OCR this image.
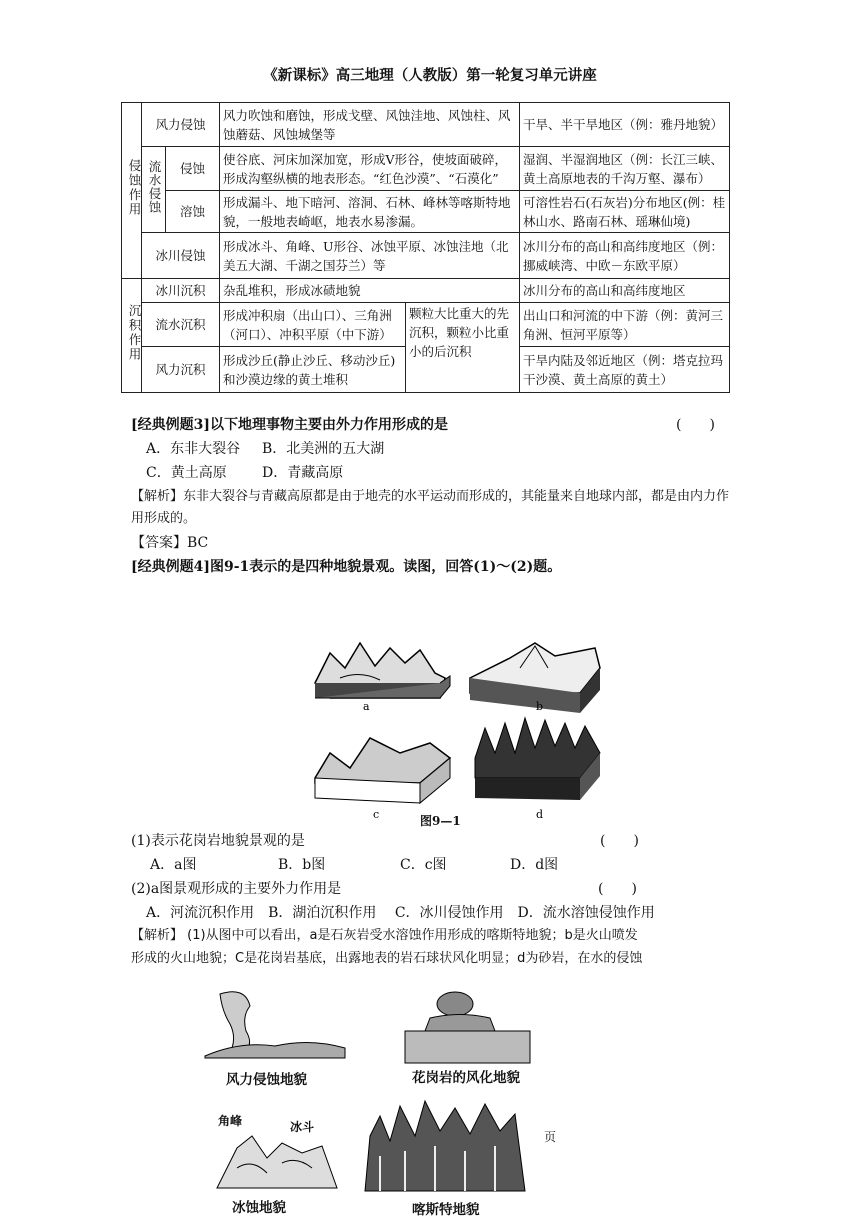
《新课标》高三地理（人教版）第一轮复习单元讲座
侵蚀作用	风力侵蚀		风力吹蚀和磨蚀，形成戈壁、风蚀洼地、风蚀柱、风蚀蘑菇、风蚀城堡等		干旱、半干旱地区（例：雅丹地貌）
	流水侵蚀	侵蚀	使谷底、河床加深加宽，形成V形谷，使坡面破碎，形成沟壑纵横的地表形态。“红色沙漠”、“石漠化”		湿润、半湿润地区（例：长江三峡、黄土高原地表的千沟万壑、瀑布）
		溶蚀	形成漏斗、地下暗河、溶洞、石林、峰林等喀斯特地貌，一般地表崎岖，地表水易渗漏。		可溶性岩石(石灰岩)分布地区(例：桂林山水、路南石林、瑶琳仙境)
	冰川侵蚀		形成冰斗、角峰、U形谷、冰蚀平原、冰蚀洼地（北美五大湖、千湖之国芬兰）等		冰川分布的高山和高纬度地区（例：挪威峡湾、中欧－东欧平原）

沉积作用	冰川沉积		杂乱堆积，形成冰碛地貌		冰川分布的高山和高纬度地区
	流水沉积		形成冲积扇（出山口）、三角洲（河口）、冲积平原（中下游）	颗粒大比重大的先沉积，颗粒小比重小的后沉积	出山口和河流的中下游（例：黄河三角洲、恒河平原等）
	风力沉积		形成沙丘(静止沙丘、移动沙丘)和沙漠边缘的黄土堆积		干旱内陆及邻近地区（例：塔克拉玛干沙漠、黄土高原的黄土）
[经典例题3]以下地理事物主要由外力作用形成的是	(　　)
A．东非大裂谷 B．北美洲的五大湖
C．黄土高原	D．青藏高原
【解析】东非大裂谷与青藏高原都是由于地壳的水平运动而形成的，其能量来自地球内部，都是由内力作用形成的。
【答案】BC
[经典例题4]图9-1表示的是四种地貌景观。读图，回答(1)～(2)题。
a	b
c	d
图9—1
(1)表示花岗岩地貌景观的是	(　　)
A．a图	B．b图	C．c图	D．d图
(2)a图景观形成的主要外力作用是	(　　)
A．河流沉积作用　B．湖泊沉积作用　 C．冰川侵蚀作用　D．流水溶蚀侵蚀作用
【解析】 (1)从图中可以看出，a是石灰岩受水溶蚀作用形成的喀斯特地貌；b是火山喷发
形成的火山地貌；C是花岗岩基底，出露地表的岩石球状风化明显；d为砂岩，在水的侵蚀
风力侵蚀地貌	花岗岩的风化地貌
角峰	冰斗
冰蚀地貌	喀斯特地貌
页
